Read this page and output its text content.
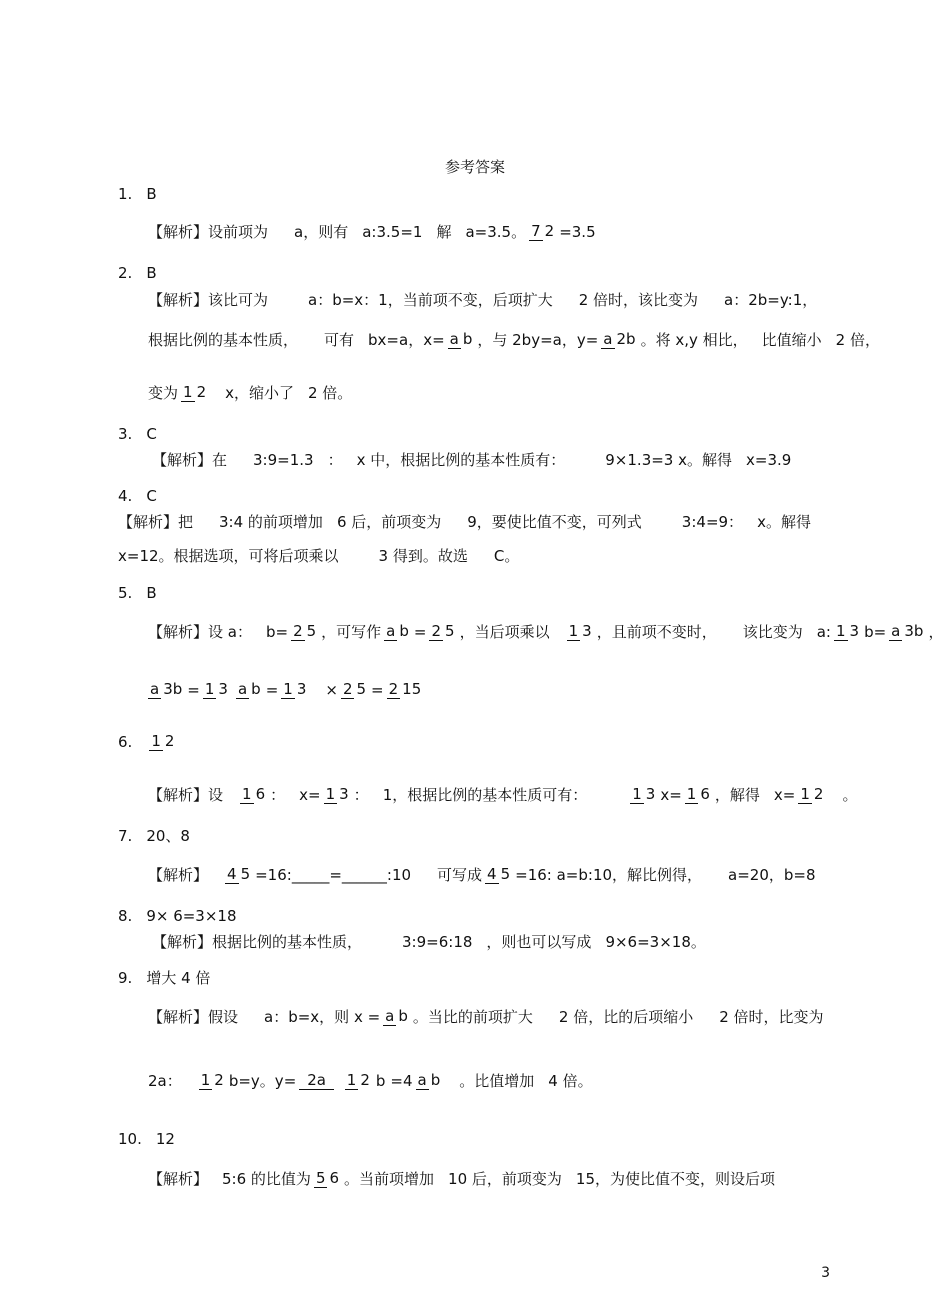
参考答案
1. B
【解析】设前项为 a，则有 a:3.5=1 解 a=3.5 。 7 2 =3.5
2. B
【解析】该比可为	a：b=x：1，当前项不变，后项扩大 2 倍时，该比变为 a：2b=y:1，
根据比例的基本性质， 可有 bx=a，x= a b ，与 2by=a，y= a 2b 。将 x,y 相比， 比值缩小 2 倍，
变为 1 2 x，缩小了 2 倍。
3. C
【解析】在 3:9=1.3 ： x 中，根据比例的基本性质有：	9×1.3=3 x。解得 x=3.9
4. C
【解析】把 3:4 的前项增加 6 后，前项变为 9，要使比值不变，可列式	3:4=9： x。解得
x=12。根据选项，可将后项乘以	3 得到。故选 C。
5. B
【解析】设 a： b= 2 5 ，可写作 a b = 2 5 ，当后项乘以 1 3 ，且前项不变时， 该比变为 a: 1 3 b= a 3b ，
a 3b = 1 3 a b = 1 3 × 2 5 = 2 15
6. 1 2
【解析】设 1 6 ： x= 1 3 ： 1，根据比例的基本性质可有：	1 3 x= 1 6 ，解得 x= 1 2 。
7. 20、8
【解析】 4 5 =16:_____=______:10 可写成 4 5 =16: a=b:10，解比例得， a=20，b=8
8. 9× 6=3×18
【解析】根据比例的基本性质，	3:9=6:18 ，则也可以写成 9×6=3×18。
9. 增大 4 倍
【解析】假设 a：b=x，则 x = a b 。当比的前项扩大 2 倍，比的后项缩小 2 倍时，比变为
2a： 1 2 b=y。y= 2a 1 2 b =4 a b 。比值增加 4 倍。
10. 12
【解析】 5:6 的比值为 5 6 。当前项增加 10 后，前项变为 15，为使比值不变，则设后项
3
